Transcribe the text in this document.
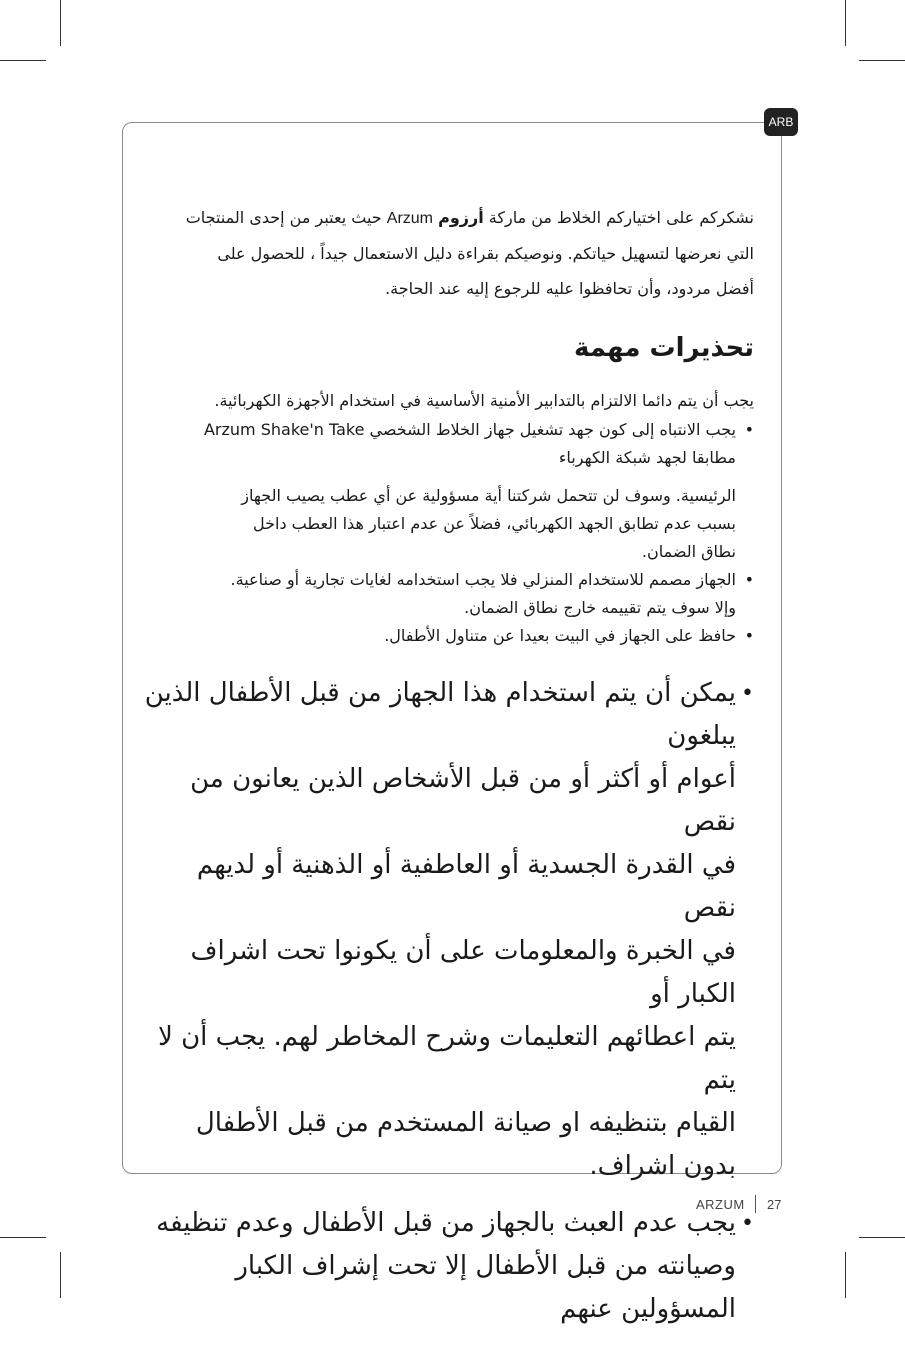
ARB

نشكركم على اختياركم الخلاط من ماركة أرزوم Arzum حيث يعتبر من إحدى المنتجات

التي نعرضها لتسهيل حياتكم. ونوصيكم بقراءة دليل الاستعمال جيداً ، للحصول على

أفضل مردود، وأن تحافظوا عليه للرجوع إليه عند الحاجة.

تحذيرات مهمة

يجب أن يتم دائما الالتزام بالتدابير الأمنية الأساسية في استخدام الأجهزة الكهربائية.

•
يجب الانتباه إلى كون جهد تشغيل جهاز الخلاط الشخصي Arzum Shake'n Take
مطابقا لجهد شبكة الكهرباء
الرئيسية. وسوف لن تتحمل شركتنا أية مسؤولية عن أي عطب يصيب الجهاز
بسبب عدم تطابق الجهد الكهربائي، فضلاً عن عدم اعتبار هذا العطب داخل
نطاق الضمان.
•
الجهاز مصمم للاستخدام المنزلي فلا يجب استخدامه لغايات تجارية أو صناعية.
وإلا سوف يتم تقييمه خارج نطاق الضمان.
•
حافظ على الجهاز في البيت بعيدا عن متناول الأطفال.
•
يمكن أن يتم استخدام هذا الجهاز من قبل الأطفال الذين يبلغون
أعوام أو أكثر أو من قبل الأشخاص الذين يعانون من نقص
في القدرة الجسدية أو العاطفية أو الذهنية أو لديهم نقص
في الخبرة والمعلومات على أن يكونوا تحت اشراف الكبار أو
يتم اعطائهم التعليمات وشرح المخاطر لهم. يجب أن لا يتم
القيام بتنظيفه او صيانة المستخدم من قبل الأطفال بدون اشراف.
•
يجب عدم العبث بالجهاز من قبل الأطفال وعدم تنظيفه
وصيانته من قبل الأطفال إلا تحت إشراف الكبار
المسؤولين عنهم
ARZUM 27
